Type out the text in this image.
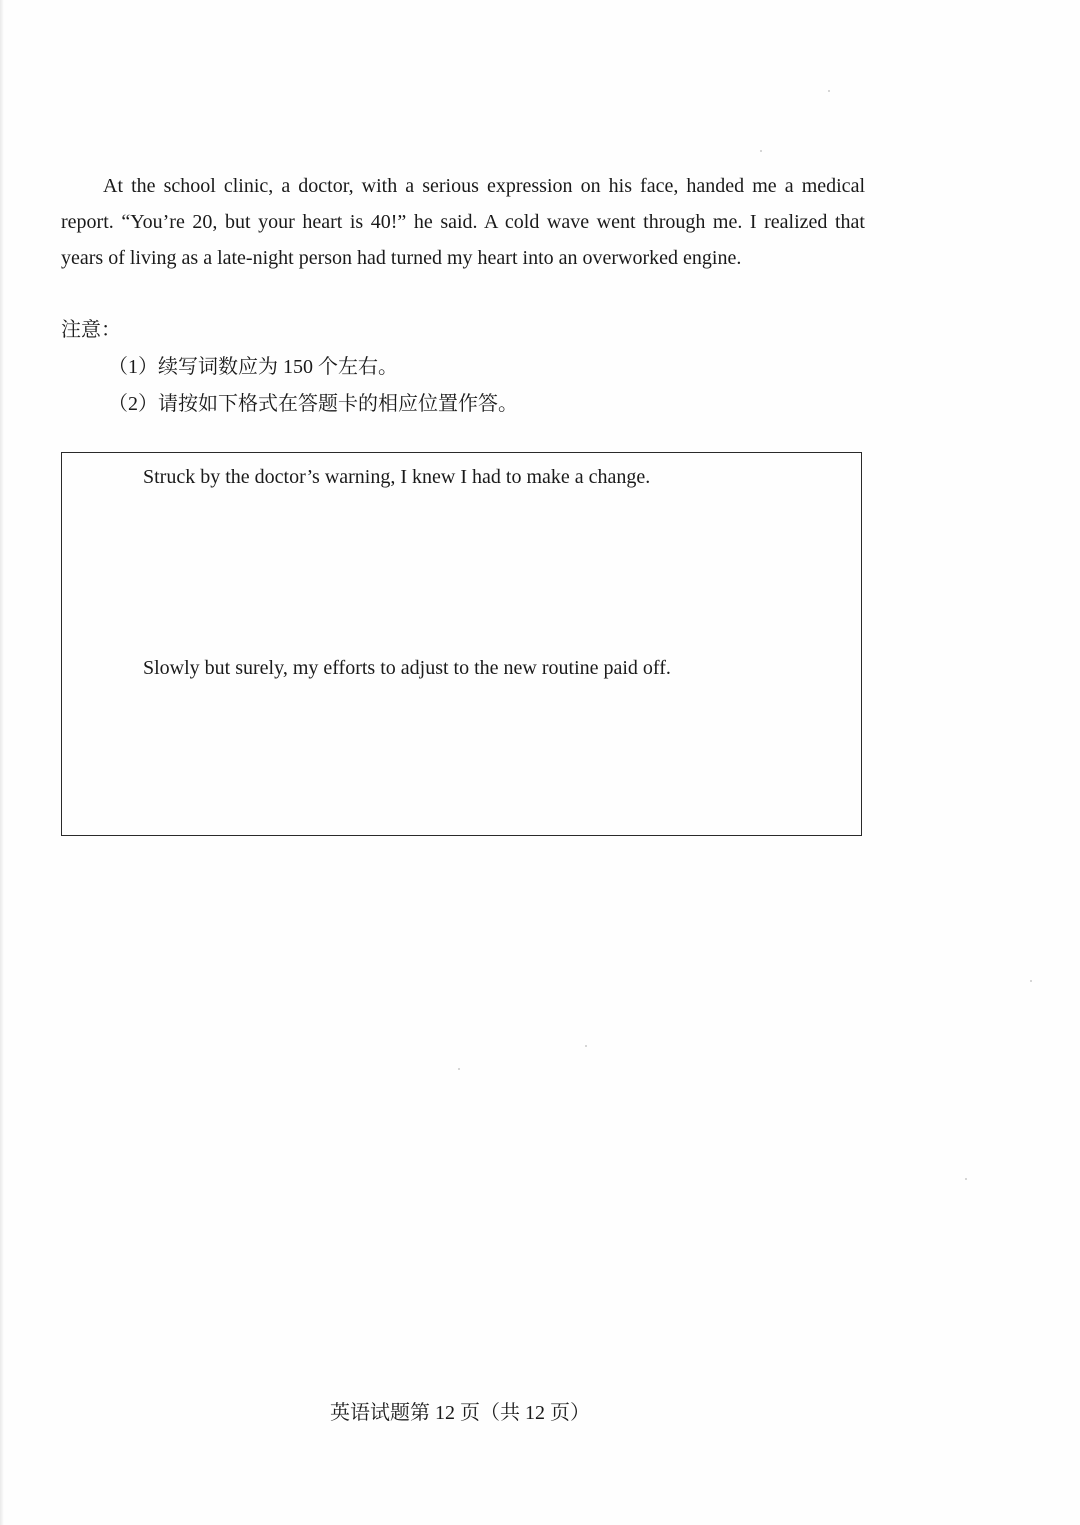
At the school clinic, a doctor, with a serious expression on his face, handed me a medical report. “You’re 20, but your heart is 40!” he said. A cold wave went through me. I realized that years of living as a late-night person had turned my heart into an overworked engine.

注意：

（1）续写词数应为 150 个左右。

（2）请按如下格式在答题卡的相应位置作答。

Struck by the doctor’s warning, I knew I had to make a change.

Slowly but surely, my efforts to adjust to the new routine paid off.

英语试题第 12 页（共 12 页）
